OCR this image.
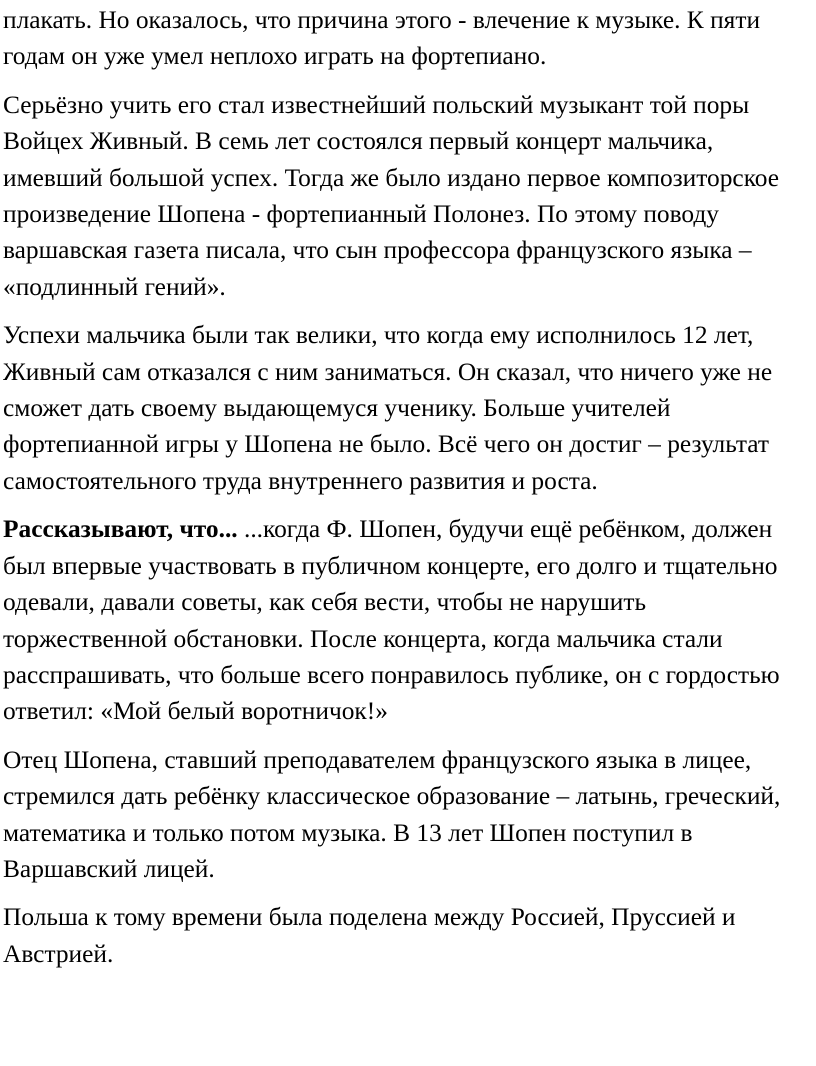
плакать. Но оказалось, что причина этого - влечение к музыке. К пяти годам он уже умел неплохо играть на фортепиано.

Серьёзно учить его стал известнейший польский музыкант той поры Войцех Живный. В семь лет состоялся первый концерт мальчика, имевший большой успех. Тогда же было издано первое композиторское произведение Шопена - фортепианный Полонез. По этому поводу варшавская газета писала, что сын профессора французского языка – «подлинный гений».

Успехи мальчика были так велики, что когда ему исполнилось 12 лет, Живный сам отказался с ним заниматься. Он сказал, что ничего уже не сможет дать своему выдающемуся ученику. Больше учителей фортепианной игры у Шопена не было. Всё чего он достиг – результат самостоятельного труда внутреннего развития и роста.

Рассказывают, что... ...когда Ф. Шопен, будучи ещё ребёнком, должен был впервые участвовать в публичном концерте, его долго и тщательно одевали, давали советы, как себя вести, чтобы не нарушить торжественной обстановки. После концерта, когда мальчика стали расспрашивать, что больше всего понравилось публике, он с гордостью ответил: «Мой белый воротничок!»

Отец Шопена, ставший преподавателем французского языка в лицее, стремился дать ребёнку классическое образование – латынь, греческий, математика и только потом музыка. В 13 лет Шопен поступил в Варшавский лицей.

Польша к тому времени была поделена между Россией, Пруссией и Австрией.
